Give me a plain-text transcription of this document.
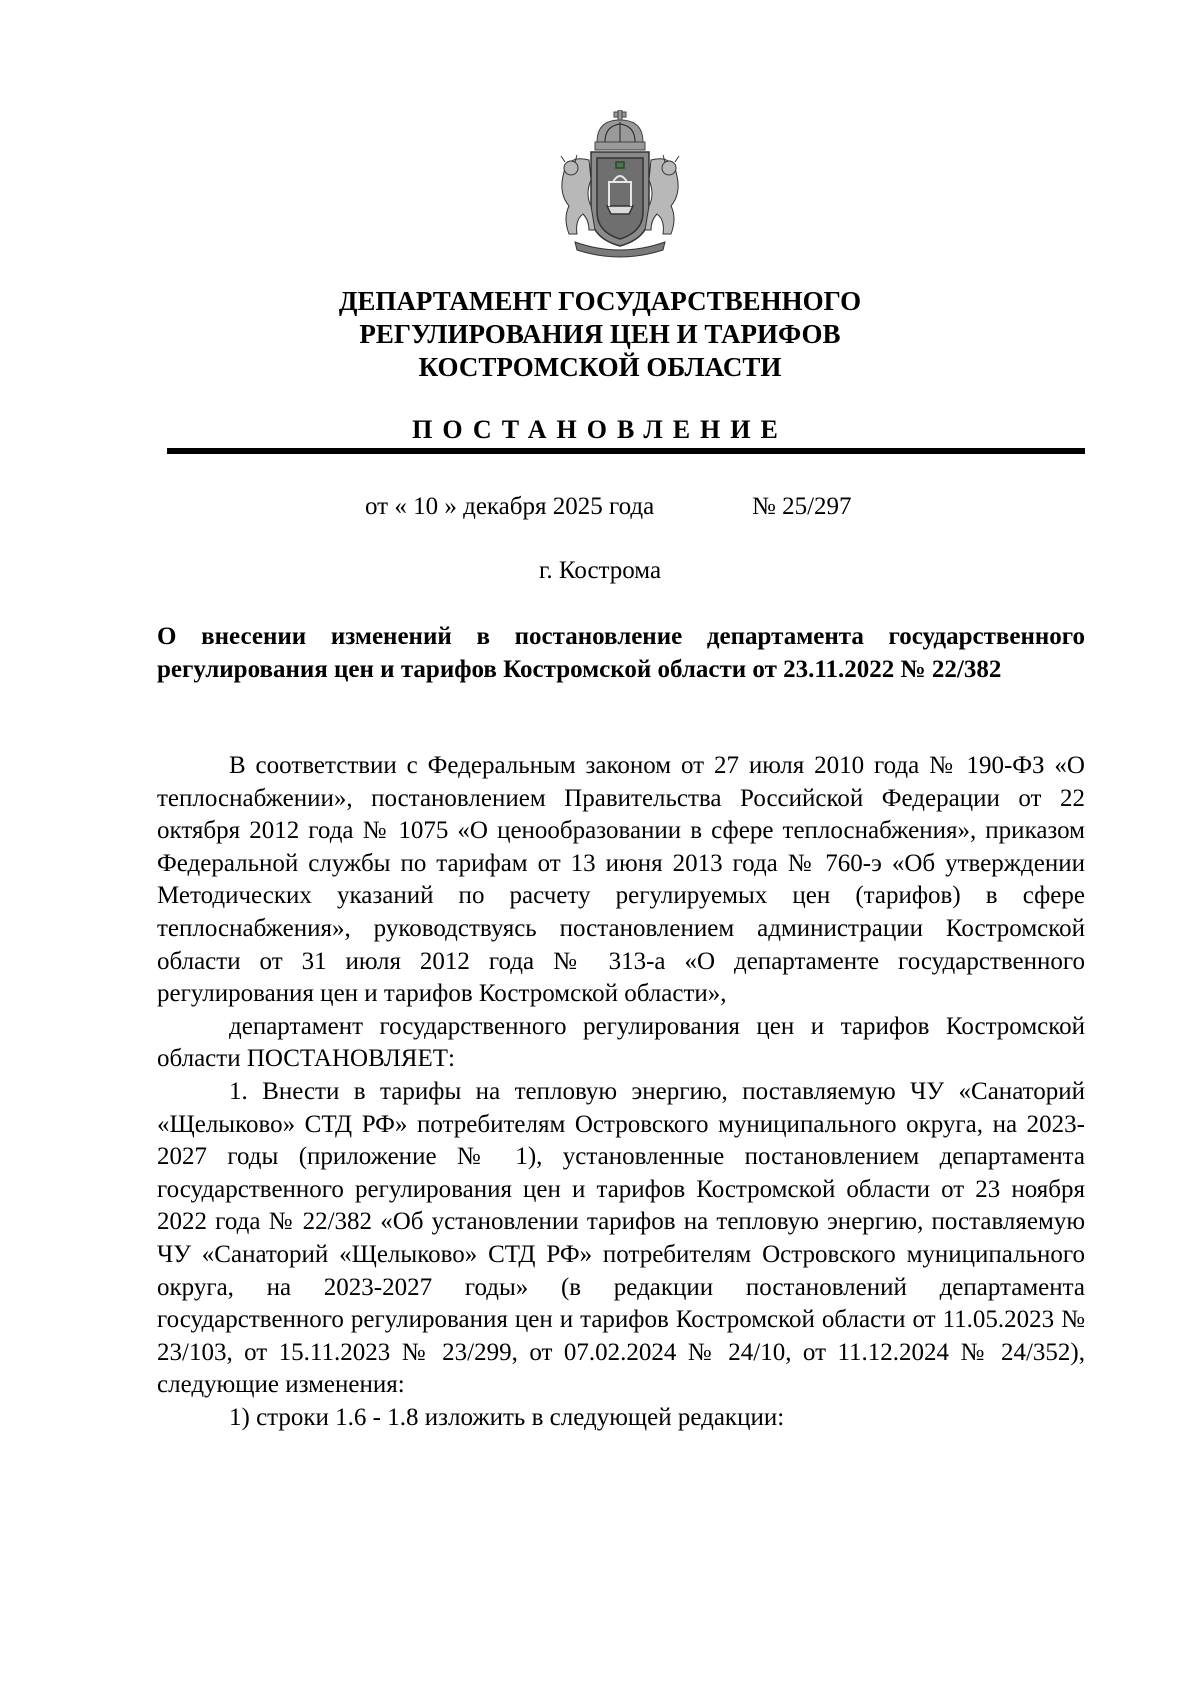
ДЕПАРТАМЕНТ ГОСУДАРСТВЕННОГО
РЕГУЛИРОВАНИЯ ЦЕН И ТАРИФОВ
КОСТРОМСКОЙ ОБЛАСТИ
ПОСТАНОВЛЕНИЕ
от « 10 » декабря 2025 года	№ 25/297
г. Кострома
О внесении изменений в постановление департамента государственного регулирования цен и тарифов Костромской области от 23.11.2022 № 22/382

В соответствии с Федеральным законом от 27 июля 2010 года № 190-ФЗ «О теплоснабжении», постановлением Правительства Российской Федерации от 22 октября 2012 года № 1075 «О ценообразовании в сфере теплоснабжения», приказом Федеральной службы по тарифам от 13 июня 2013 года № 760-э «Об утверждении Методических указаний по расчету регулируемых цен (тарифов) в сфере теплоснабжения», руководствуясь постановлением администрации Костромской области от 31 июля 2012 года № 313-а «О департаменте государственного регулирования цен и тарифов Костромской области»,

департамент государственного регулирования цен и тарифов Костромской области ПОСТАНОВЛЯЕТ:

1. Внести в тарифы на тепловую энергию, поставляемую ЧУ «Санаторий «Щелыково» СТД РФ» потребителям Островского муниципального округа, на 2023-2027 годы (приложение № 1), установленные постановлением департамента государственного регулирования цен и тарифов Костромской области от 23 ноября 2022 года № 22/382 «Об установлении тарифов на тепловую энергию, поставляемую ЧУ «Санаторий «Щелыково» СТД РФ» потребителям Островского муниципального округа, на 2023-2027 годы» (в редакции постановлений департамента государственного регулирования цен и тарифов Костромской области от 11.05.2023 № 23/103, от 15.11.2023 № 23/299, от 07.02.2024 № 24/10, от 11.12.2024 № 24/352), следующие изменения:

1) строки 1.6 - 1.8 изложить в следующей редакции:
